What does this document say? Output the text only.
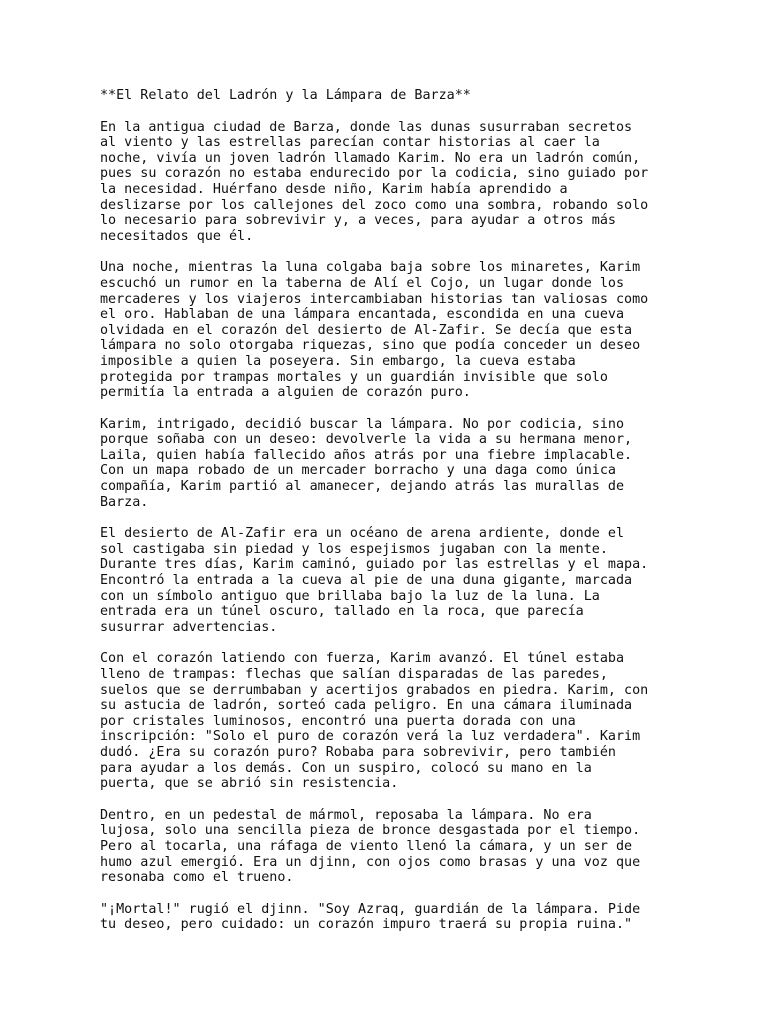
**El Relato del Ladrón y la Lámpara de Barza**

En la antigua ciudad de Barza, donde las dunas susurraban secretos
al viento y las estrellas parecían contar historias al caer la
noche, vivía un joven ladrón llamado Karim. No era un ladrón común,
pues su corazón no estaba endurecido por la codicia, sino guiado por
la necesidad. Huérfano desde niño, Karim había aprendido a
deslizarse por los callejones del zoco como una sombra, robando solo
lo necesario para sobrevivir y, a veces, para ayudar a otros más
necesitados que él.

Una noche, mientras la luna colgaba baja sobre los minaretes, Karim
escuchó un rumor en la taberna de Alí el Cojo, un lugar donde los
mercaderes y los viajeros intercambiaban historias tan valiosas como
el oro. Hablaban de una lámpara encantada, escondida en una cueva
olvidada en el corazón del desierto de Al-Zafir. Se decía que esta
lámpara no solo otorgaba riquezas, sino que podía conceder un deseo
imposible a quien la poseyera. Sin embargo, la cueva estaba
protegida por trampas mortales y un guardián invisible que solo
permitía la entrada a alguien de corazón puro.

Karim, intrigado, decidió buscar la lámpara. No por codicia, sino
porque soñaba con un deseo: devolverle la vida a su hermana menor,
Laila, quien había fallecido años atrás por una fiebre implacable.
Con un mapa robado de un mercader borracho y una daga como única
compañía, Karim partió al amanecer, dejando atrás las murallas de
Barza.

El desierto de Al-Zafir era un océano de arena ardiente, donde el
sol castigaba sin piedad y los espejismos jugaban con la mente.
Durante tres días, Karim caminó, guiado por las estrellas y el mapa.
Encontró la entrada a la cueva al pie de una duna gigante, marcada
con un símbolo antiguo que brillaba bajo la luz de la luna. La
entrada era un túnel oscuro, tallado en la roca, que parecía
susurrar advertencias.

Con el corazón latiendo con fuerza, Karim avanzó. El túnel estaba
lleno de trampas: flechas que salían disparadas de las paredes,
suelos que se derrumbaban y acertijos grabados en piedra. Karim, con
su astucia de ladrón, sorteó cada peligro. En una cámara iluminada
por cristales luminosos, encontró una puerta dorada con una
inscripción: "Solo el puro de corazón verá la luz verdadera". Karim
dudó. ¿Era su corazón puro? Robaba para sobrevivir, pero también
para ayudar a los demás. Con un suspiro, colocó su mano en la
puerta, que se abrió sin resistencia.

Dentro, en un pedestal de mármol, reposaba la lámpara. No era
lujosa, solo una sencilla pieza de bronce desgastada por el tiempo.
Pero al tocarla, una ráfaga de viento llenó la cámara, y un ser de
humo azul emergió. Era un djinn, con ojos como brasas y una voz que
resonaba como el trueno.

"¡Mortal!" rugió el djinn. "Soy Azraq, guardián de la lámpara. Pide
tu deseo, pero cuidado: un corazón impuro traerá su propia ruina."
